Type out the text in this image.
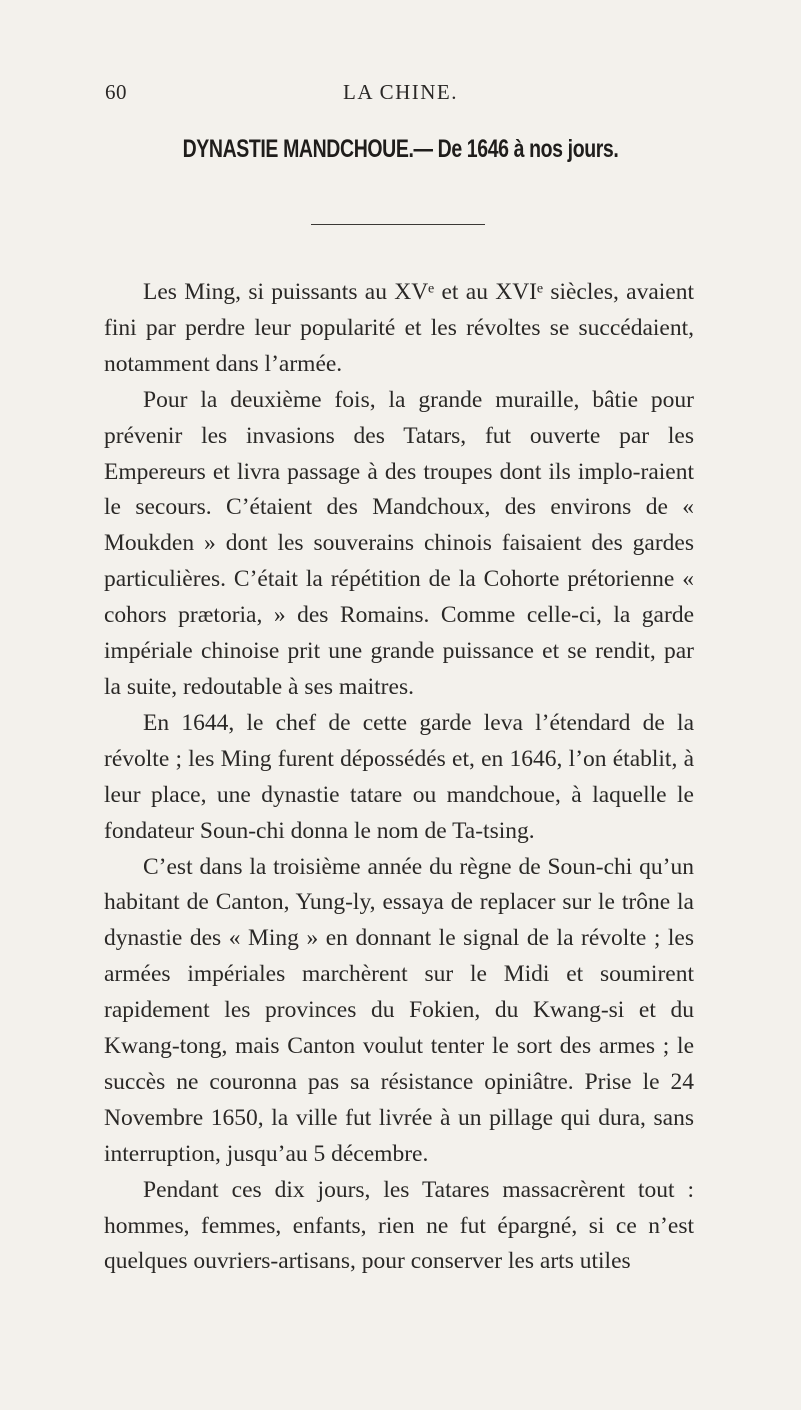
60	LA CHINE.
DYNASTIE MANDCHOUE.— De 1646 à nos jours.

Les Ming, si puissants au XVᵉ et au XVIᵉ siècles, avaient fini par perdre leur popularité et les révoltes se succédaient, notamment dans l’armée.

Pour la deuxième fois, la grande muraille, bâtie pour prévenir les invasions des Tatars, fut ouverte par les Empereurs et livra passage à des troupes dont ils implo-raient le secours. C’étaient des Mandchoux, des environs de « Moukden » dont les souverains chinois faisaient des gardes particulières. C’était la répétition de la Cohorte prétorienne « cohors prætoria, » des Romains. Comme celle-ci, la garde impériale chinoise prit une grande puissance et se rendit, par la suite, redoutable à ses maitres.

En 1644, le chef de cette garde leva l’étendard de la révolte ; les Ming furent dépossédés et, en 1646, l’on établit, à leur place, une dynastie tatare ou mandchoue, à laquelle le fondateur Soun-chi donna le nom de Ta-tsing.

C’est dans la troisième année du règne de Soun-chi qu’un habitant de Canton, Yung-ly, essaya de replacer sur le trône la dynastie des « Ming » en donnant le signal de la révolte ; les armées impériales marchèrent sur le Midi et soumirent rapidement les provinces du Fokien, du Kwang-si et du Kwang-tong, mais Canton voulut tenter le sort des armes ; le succès ne couronna pas sa résistance opiniâtre. Prise le 24 Novembre 1650, la ville fut livrée à un pillage qui dura, sans interruption, jusqu’au 5 décembre.

Pendant ces dix jours, les Tatares massacrèrent tout : hommes, femmes, enfants, rien ne fut épargné, si ce n’est quelques ouvriers-artisans, pour conserver les arts utiles
